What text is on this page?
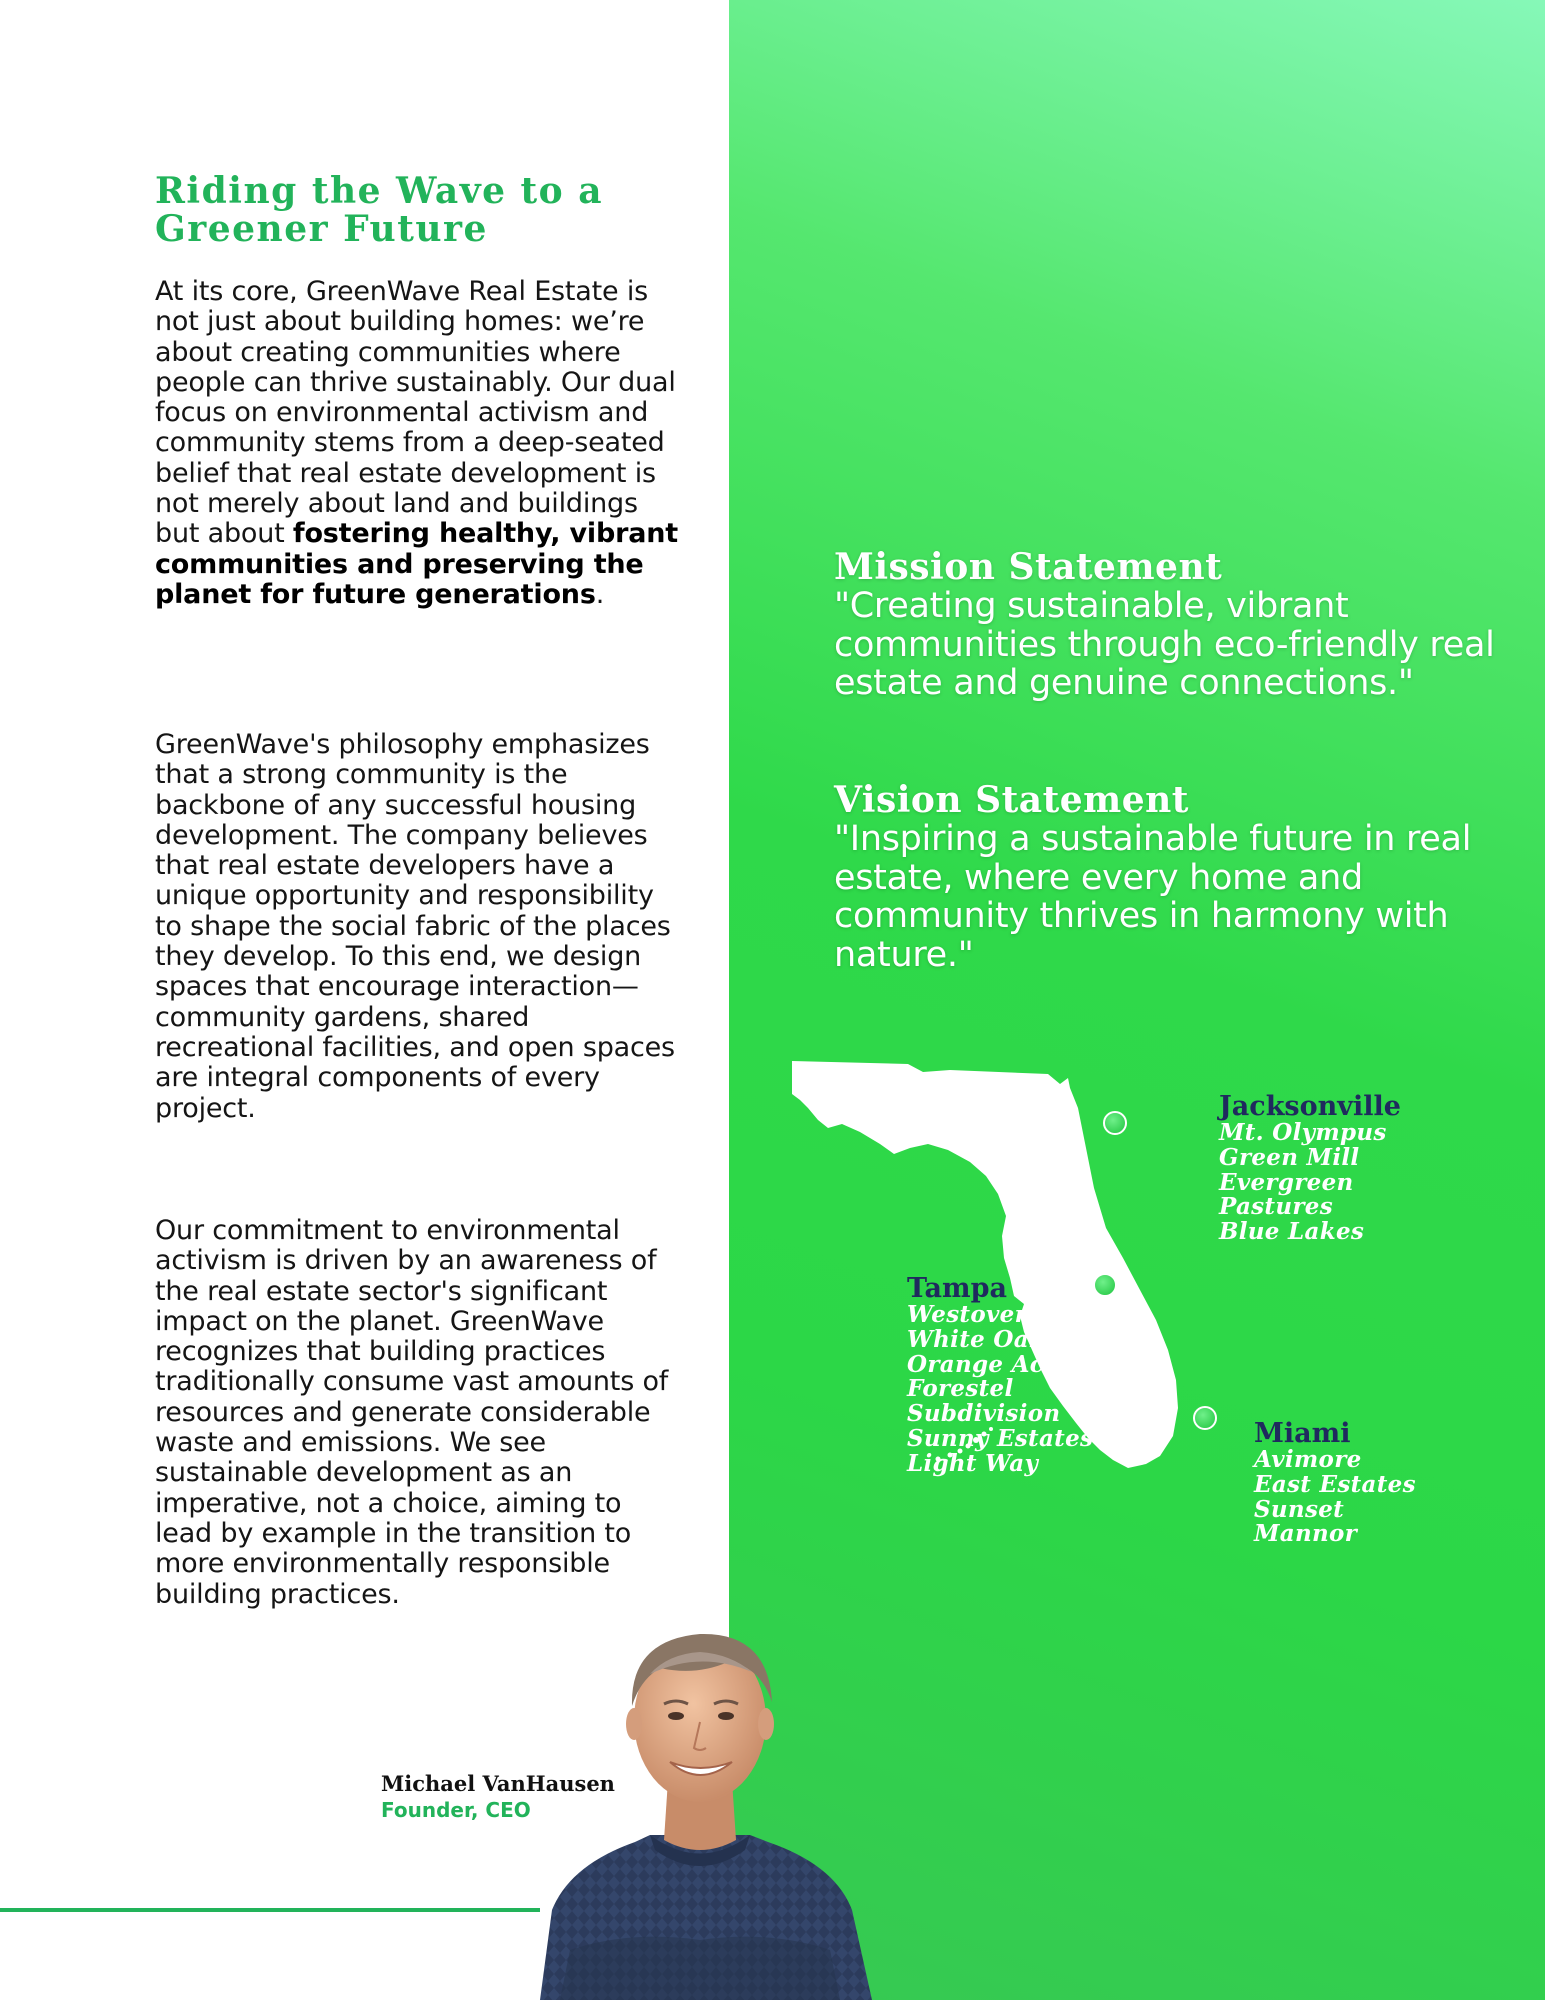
Riding the Wave to a Greener Future

At its core, GreenWave Real Estate is not just about building homes: we’re about creating communities where people can thrive sustainably. Our dual focus on environmental activism and community stems from a deep-seated belief that real estate development is not merely about land and buildings but about fostering healthy, vibrant communities and preserving the planet for future generations.

GreenWave's philosophy emphasizes that a strong community is the backbone of any successful housing development. The company believes that real estate developers have a unique opportunity and responsibility to shape the social fabric of the places they develop. To this end, we design spaces that encourage interaction—community gardens, shared recreational facilities, and open spaces are integral components of every project.

Our commitment to environmental activism is driven by an awareness of the real estate sector's significant impact on the planet. GreenWave recognizes that building practices traditionally consume vast amounts of resources and generate considerable waste and emissions. We see sustainable development as an imperative, not a choice, aiming to lead by example in the transition to more environmentally responsible building practices.

Mission Statement
"Creating sustainable, vibrant communities through eco-friendly real estate and genuine connections."
Vision Statement
"Inspiring a sustainable future in real estate, where every home and community thrives in harmony with nature."
Jacksonville
Mt. Olympus
Green Mill
Evergreen
Pastures
Blue Lakes
Tampa
Westover
White Oaks
Orange Acres
Forestel
Subdivision
Sunny Estates
Light Way
Miami
Avimore
East Estates
Sunset
Mannor
Michael VanHausen
Founder, CEO
